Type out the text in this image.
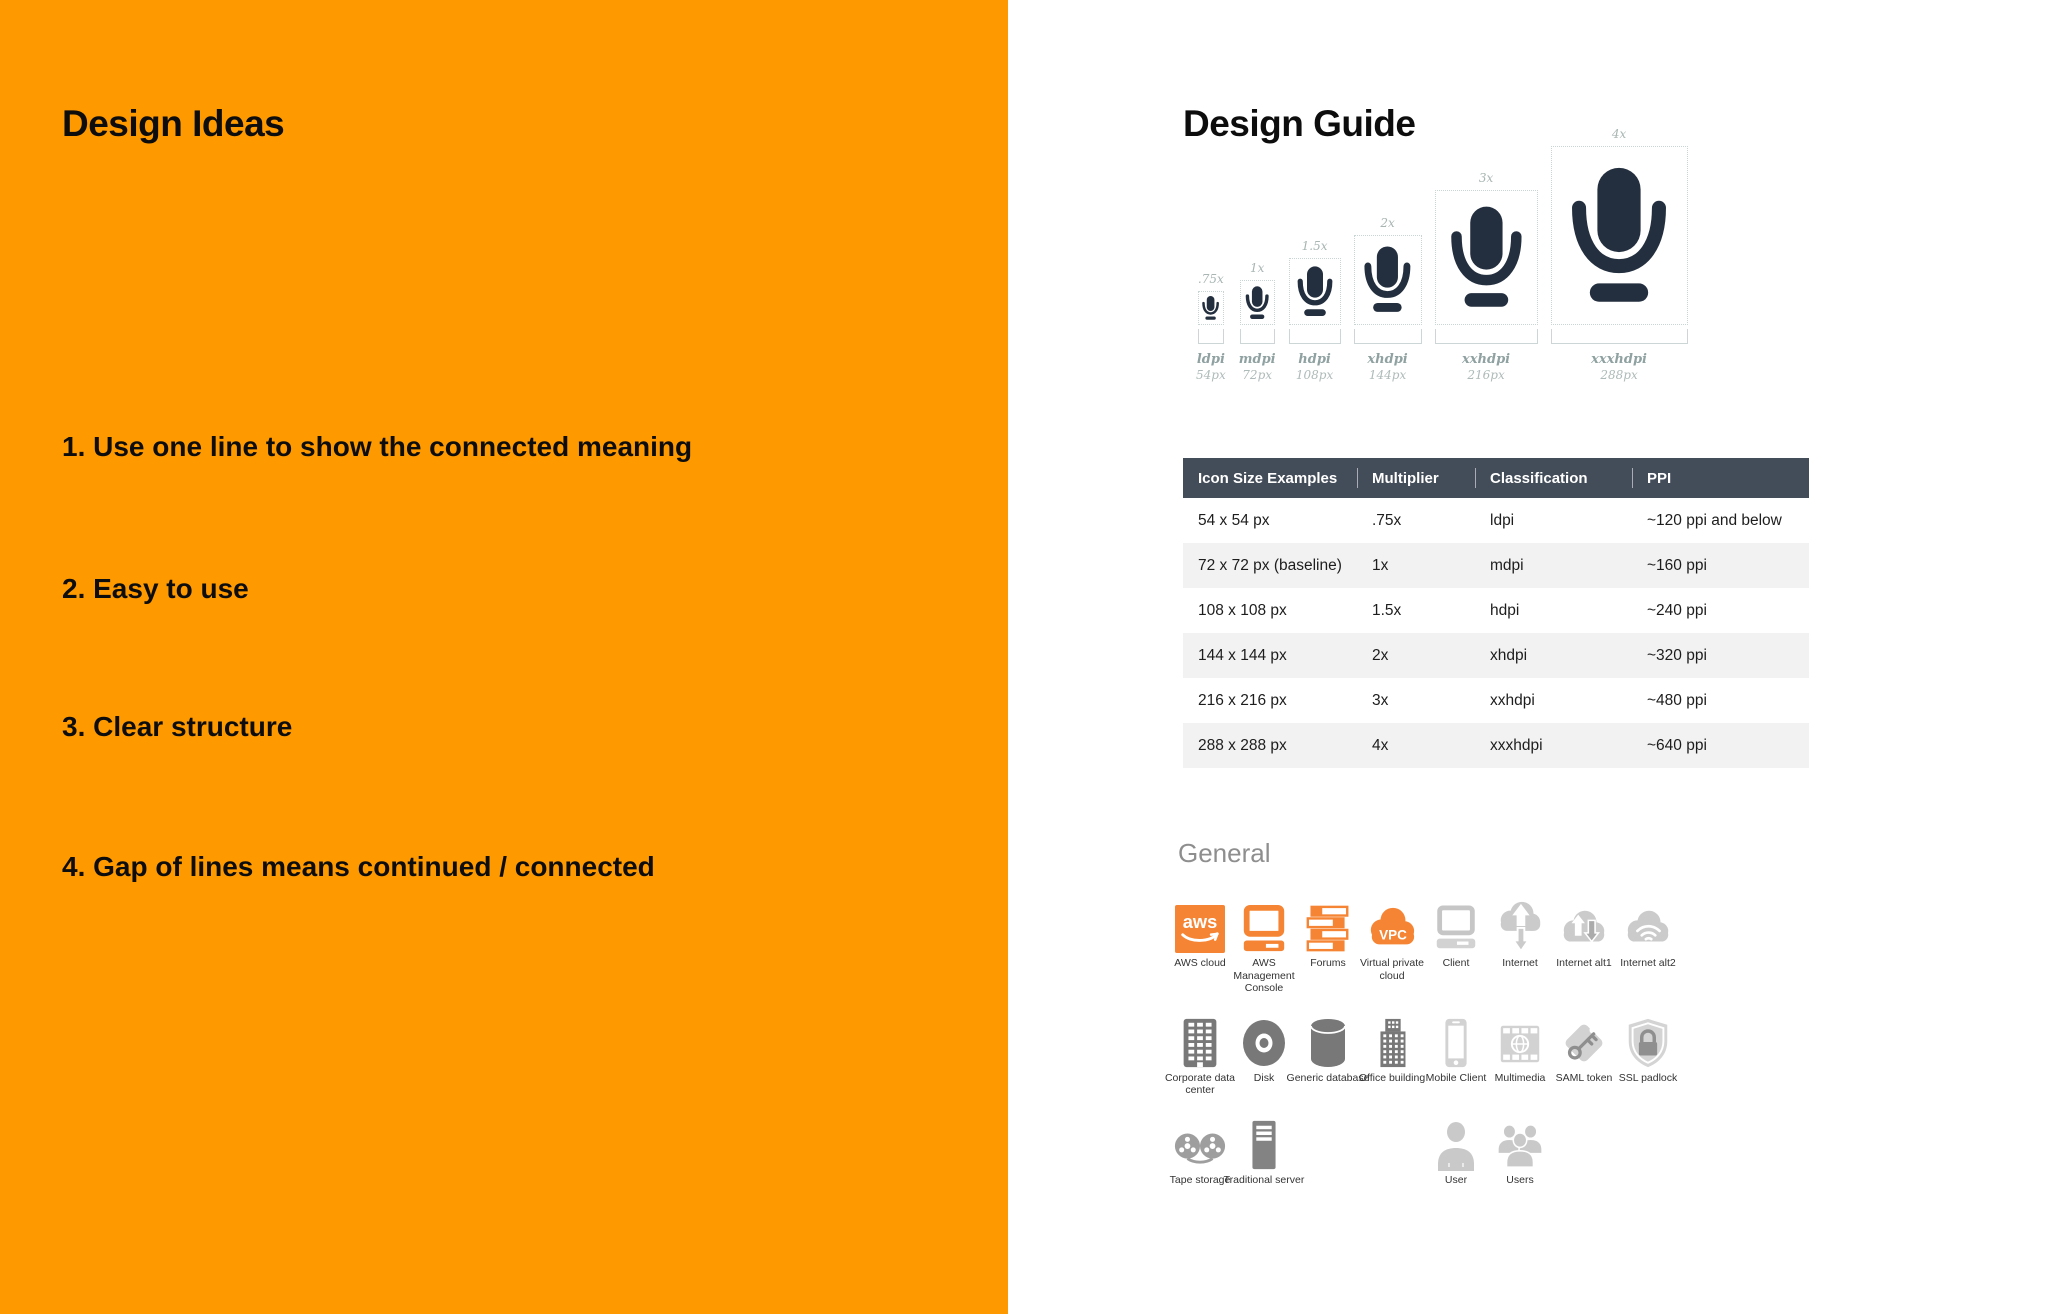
Design Ideas
1. Use one line to show the connected meaning
2. Easy to use
3. Clear structure
4. Gap of lines means continued / connected
Design Guide
.75x
ldpi
54px
1x
mdpi
72px
1.5x
hdpi
108px
2x
xhdpi
144px
3x
xxhdpi
216px
4x
xxxhdpi
288px
Icon Size Examples	Multiplier	Classification	PPI
54 x 54 px	.75x	ldpi	~120 ppi and below
72 x 72 px (baseline)	1x	mdpi	~160 ppi
108 x 108 px	1.5x	hdpi	~240 ppi
144 x 144 px	2x	xhdpi	~320 ppi
216 x 216 px	3x	xxhdpi	~480 ppi
288 x 288 px	4x	xxxhdpi	~640 ppi
General
aws
AWS cloud	AWS Management Console
Forums
VPC
Virtual private cloud
Client	Internet	Internet alt1 Internet alt2
Corporate data center
Disk	Generic database
Office building Mobile Client Multimedia SAML token SSL padlock
Tape storage
Traditional server	User	Users
